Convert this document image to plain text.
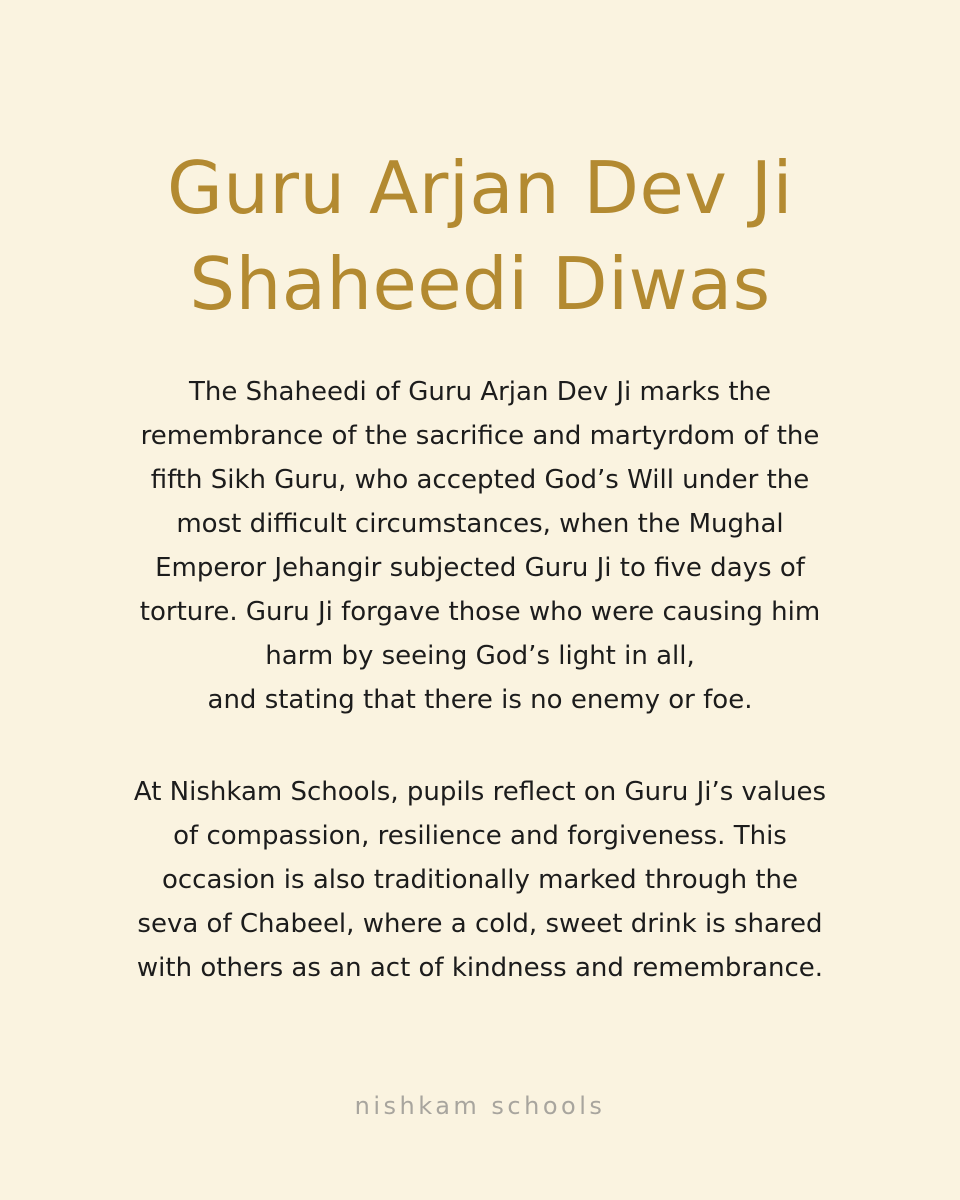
Guru Arjan Dev Ji
Shaheedi Diwas
The Shaheedi of Guru Arjan Dev Ji marks the
remembrance of the sacrifice and martyrdom of the
fifth Sikh Guru, who accepted God’s Will under the
most difficult circumstances, when the Mughal
Emperor Jehangir subjected Guru Ji to five days of
torture. Guru Ji forgave those who were causing him
harm by seeing God’s light in all,
and stating that there is no enemy or foe.
At Nishkam Schools, pupils reflect on Guru Ji’s values
of compassion, resilience and forgiveness. This
occasion is also traditionally marked through the
seva of Chabeel, where a cold, sweet drink is shared
with others as an act of kindness and remembrance.
nishkam schools
